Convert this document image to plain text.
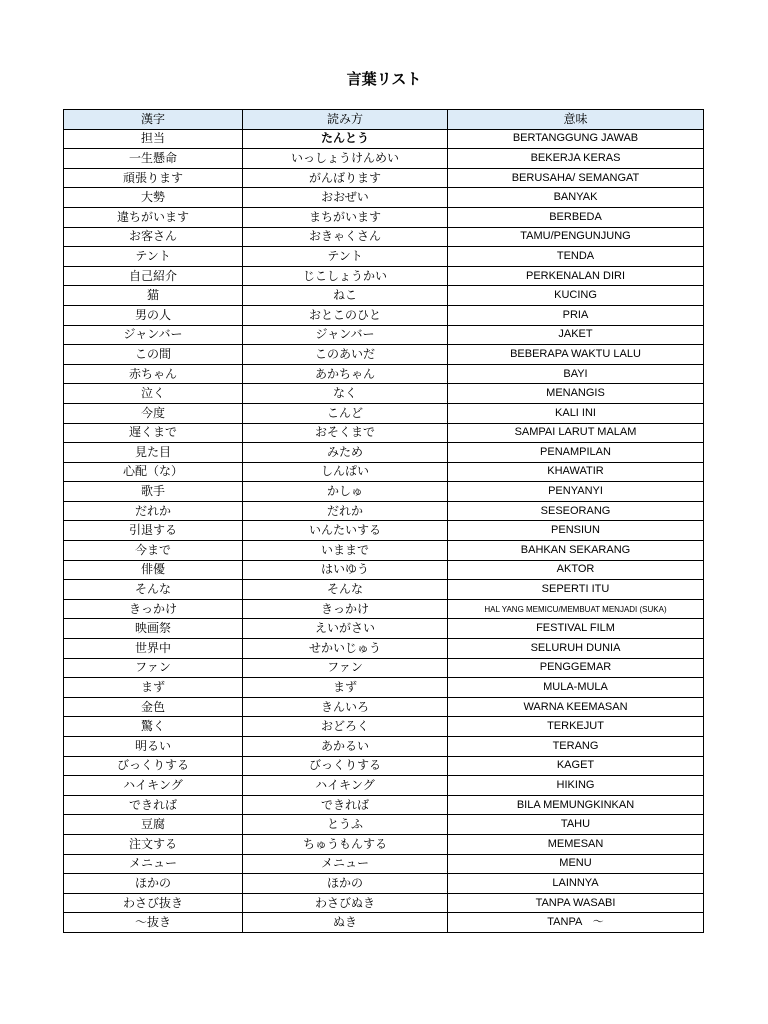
言葉リスト
漢字	読み方	意味
担当	たんとう	BERTANGGUNG JAWAB
一生懸命	いっしょうけんめい	BEKERJA KERAS
頑張ります	がんばります	BERUSAHA/ SEMANGAT
大勢	おおぜい	BANYAK
違ちがいます	まちがいます	BERBEDA
お客さん	おきゃくさん	TAMU/PENGUNJUNG
テント	テント	TENDA
自己紹介	じこしょうかい	PERKENALAN DIRI
猫	ねこ	KUCING
男の人	おとこのひと	PRIA
ジャンバー	ジャンバー	JAKET
この間	このあいだ	BEBERAPA WAKTU LALU
赤ちゃん	あかちゃん	BAYI
泣く	なく	MENANGIS
今度	こんど	KALI INI
遅くまで	おそくまで	SAMPAI LARUT MALAM
見た目	みため	PENAMPILAN
心配（な）	しんぱい	KHAWATIR
歌手	かしゅ	PENYANYI
だれか	だれか	SESEORANG
引退する	いんたいする	PENSIUN
今まで	いままで	BAHKAN SEKARANG
俳優	はいゆう	AKTOR
そんな	そんな	SEPERTI ITU
きっかけ	きっかけ	HAL YANG MEMICU/MEMBUAT MENJADI (SUKA)
映画祭	えいがさい	FESTIVAL FILM
世界中	せかいじゅう	SELURUH DUNIA
ファン	ファン	PENGGEMAR
まず	まず	MULA-MULA
金色	きんいろ	WARNA KEEMASAN
驚く	おどろく	TERKEJUT
明るい	あかるい	TERANG
びっくりする	びっくりする	KAGET
ハイキング	ハイキング	HIKING
できれば	できれば	BILA MEMUNGKINKAN
豆腐	とうふ	TAHU
注文する	ちゅうもんする	MEMESAN
メニュー	メニュー	MENU
ほかの	ほかの	LAINNYA
わさび抜き	わさびぬき	TANPA WASABI
～抜き	ぬき	TANPA　～
